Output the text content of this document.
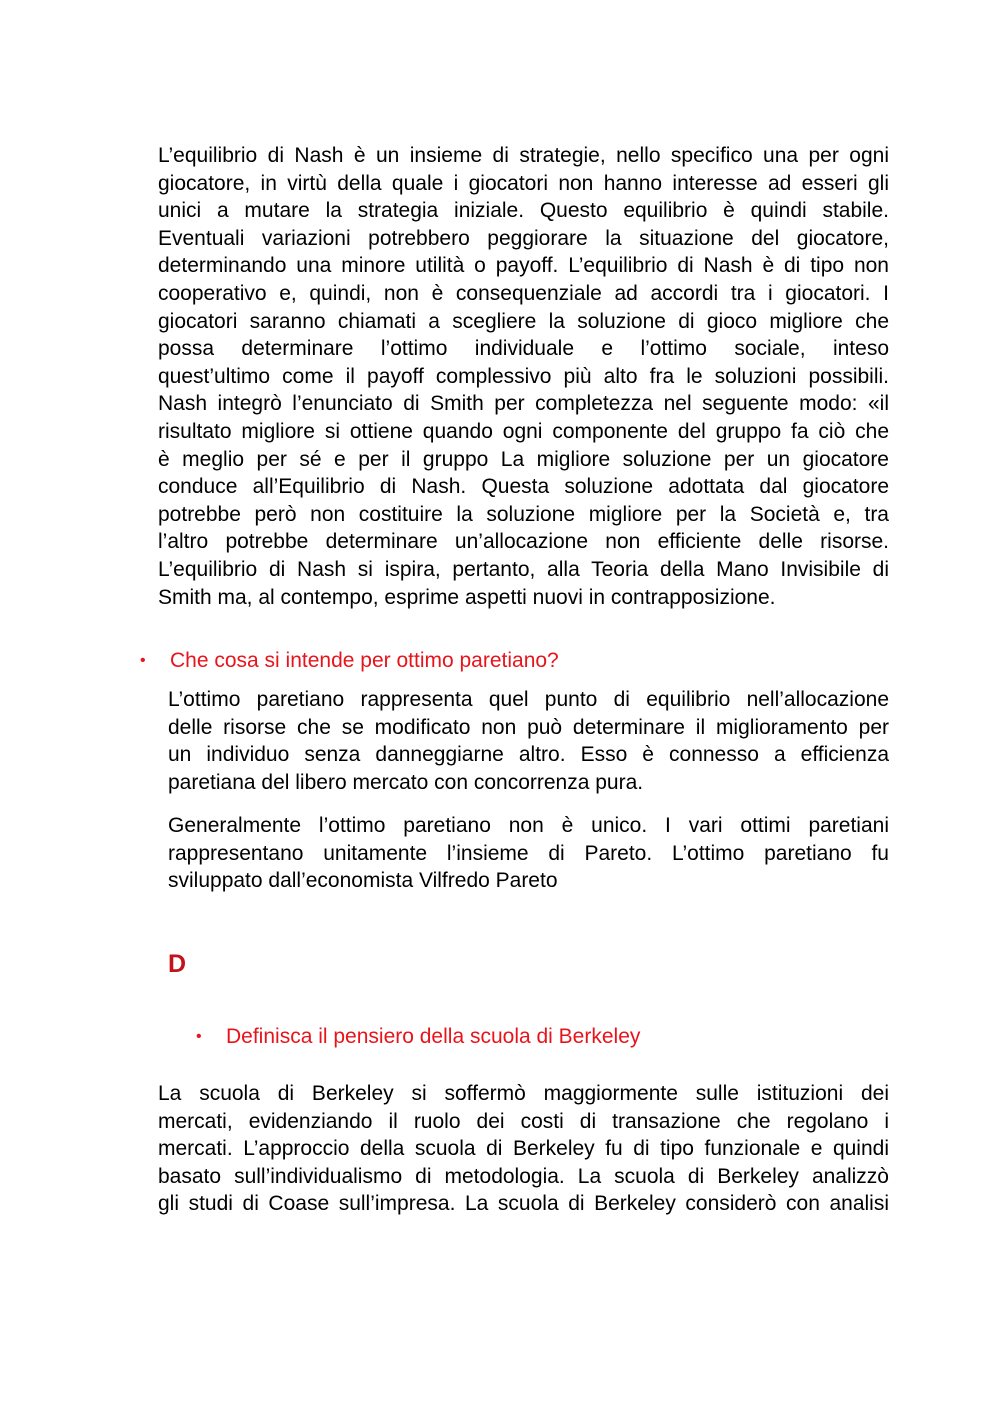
L’equilibrio di Nash è un insieme di strategie, nello specifico una per ogni
giocatore, in virtù della quale i giocatori non hanno interesse ad esseri gli
unici a mutare la strategia iniziale. Questo equilibrio è quindi stabile.
Eventuali variazioni potrebbero peggiorare la situazione del giocatore,
determinando una minore utilità o payoff. L’equilibrio di Nash è di tipo non
cooperativo e, quindi, non è consequenziale ad accordi tra i giocatori. I
giocatori saranno chiamati a scegliere la soluzione di gioco migliore che
possa determinare l’ottimo individuale e l’ottimo sociale, inteso
quest’ultimo come il payoff complessivo più alto fra le soluzioni possibili.
Nash integrò l’enunciato di Smith per completezza nel seguente modo: «il
risultato migliore si ottiene quando ogni componente del gruppo fa ciò che
è meglio per sé e per il gruppo La migliore soluzione per un giocatore
conduce all’Equilibrio di Nash. Questa soluzione adottata dal giocatore
potrebbe però non costituire la soluzione migliore per la Società e, tra
l’altro potrebbe determinare un’allocazione non efficiente delle risorse.
L’equilibrio di Nash si ispira, pertanto, alla Teoria della Mano Invisibile di
Smith ma, al contempo, esprime aspetti nuovi in contrapposizione.
• Che cosa si intende per ottimo paretiano?
L’ottimo paretiano rappresenta quel punto di equilibrio nell’allocazione
delle risorse che se modificato non può determinare il miglioramento per
un individuo senza danneggiarne altro. Esso è connesso a efficienza
paretiana del libero mercato con concorrenza pura.
Generalmente l’ottimo paretiano non è unico. I vari ottimi paretiani
rappresentano unitamente l’insieme di Pareto. L’ottimo paretiano fu
sviluppato dall’economista Vilfredo Pareto
D
• Definisca il pensiero della scuola di Berkeley
La scuola di Berkeley si soffermò maggiormente sulle istituzioni dei
mercati, evidenziando il ruolo dei costi di transazione che regolano i
mercati. L’approccio della scuola di Berkeley fu di tipo funzionale e quindi
basato sull’individualismo di metodologia. La scuola di Berkeley analizzò
gli studi di Coase sull’impresa. La scuola di Berkeley considerò con analisi
